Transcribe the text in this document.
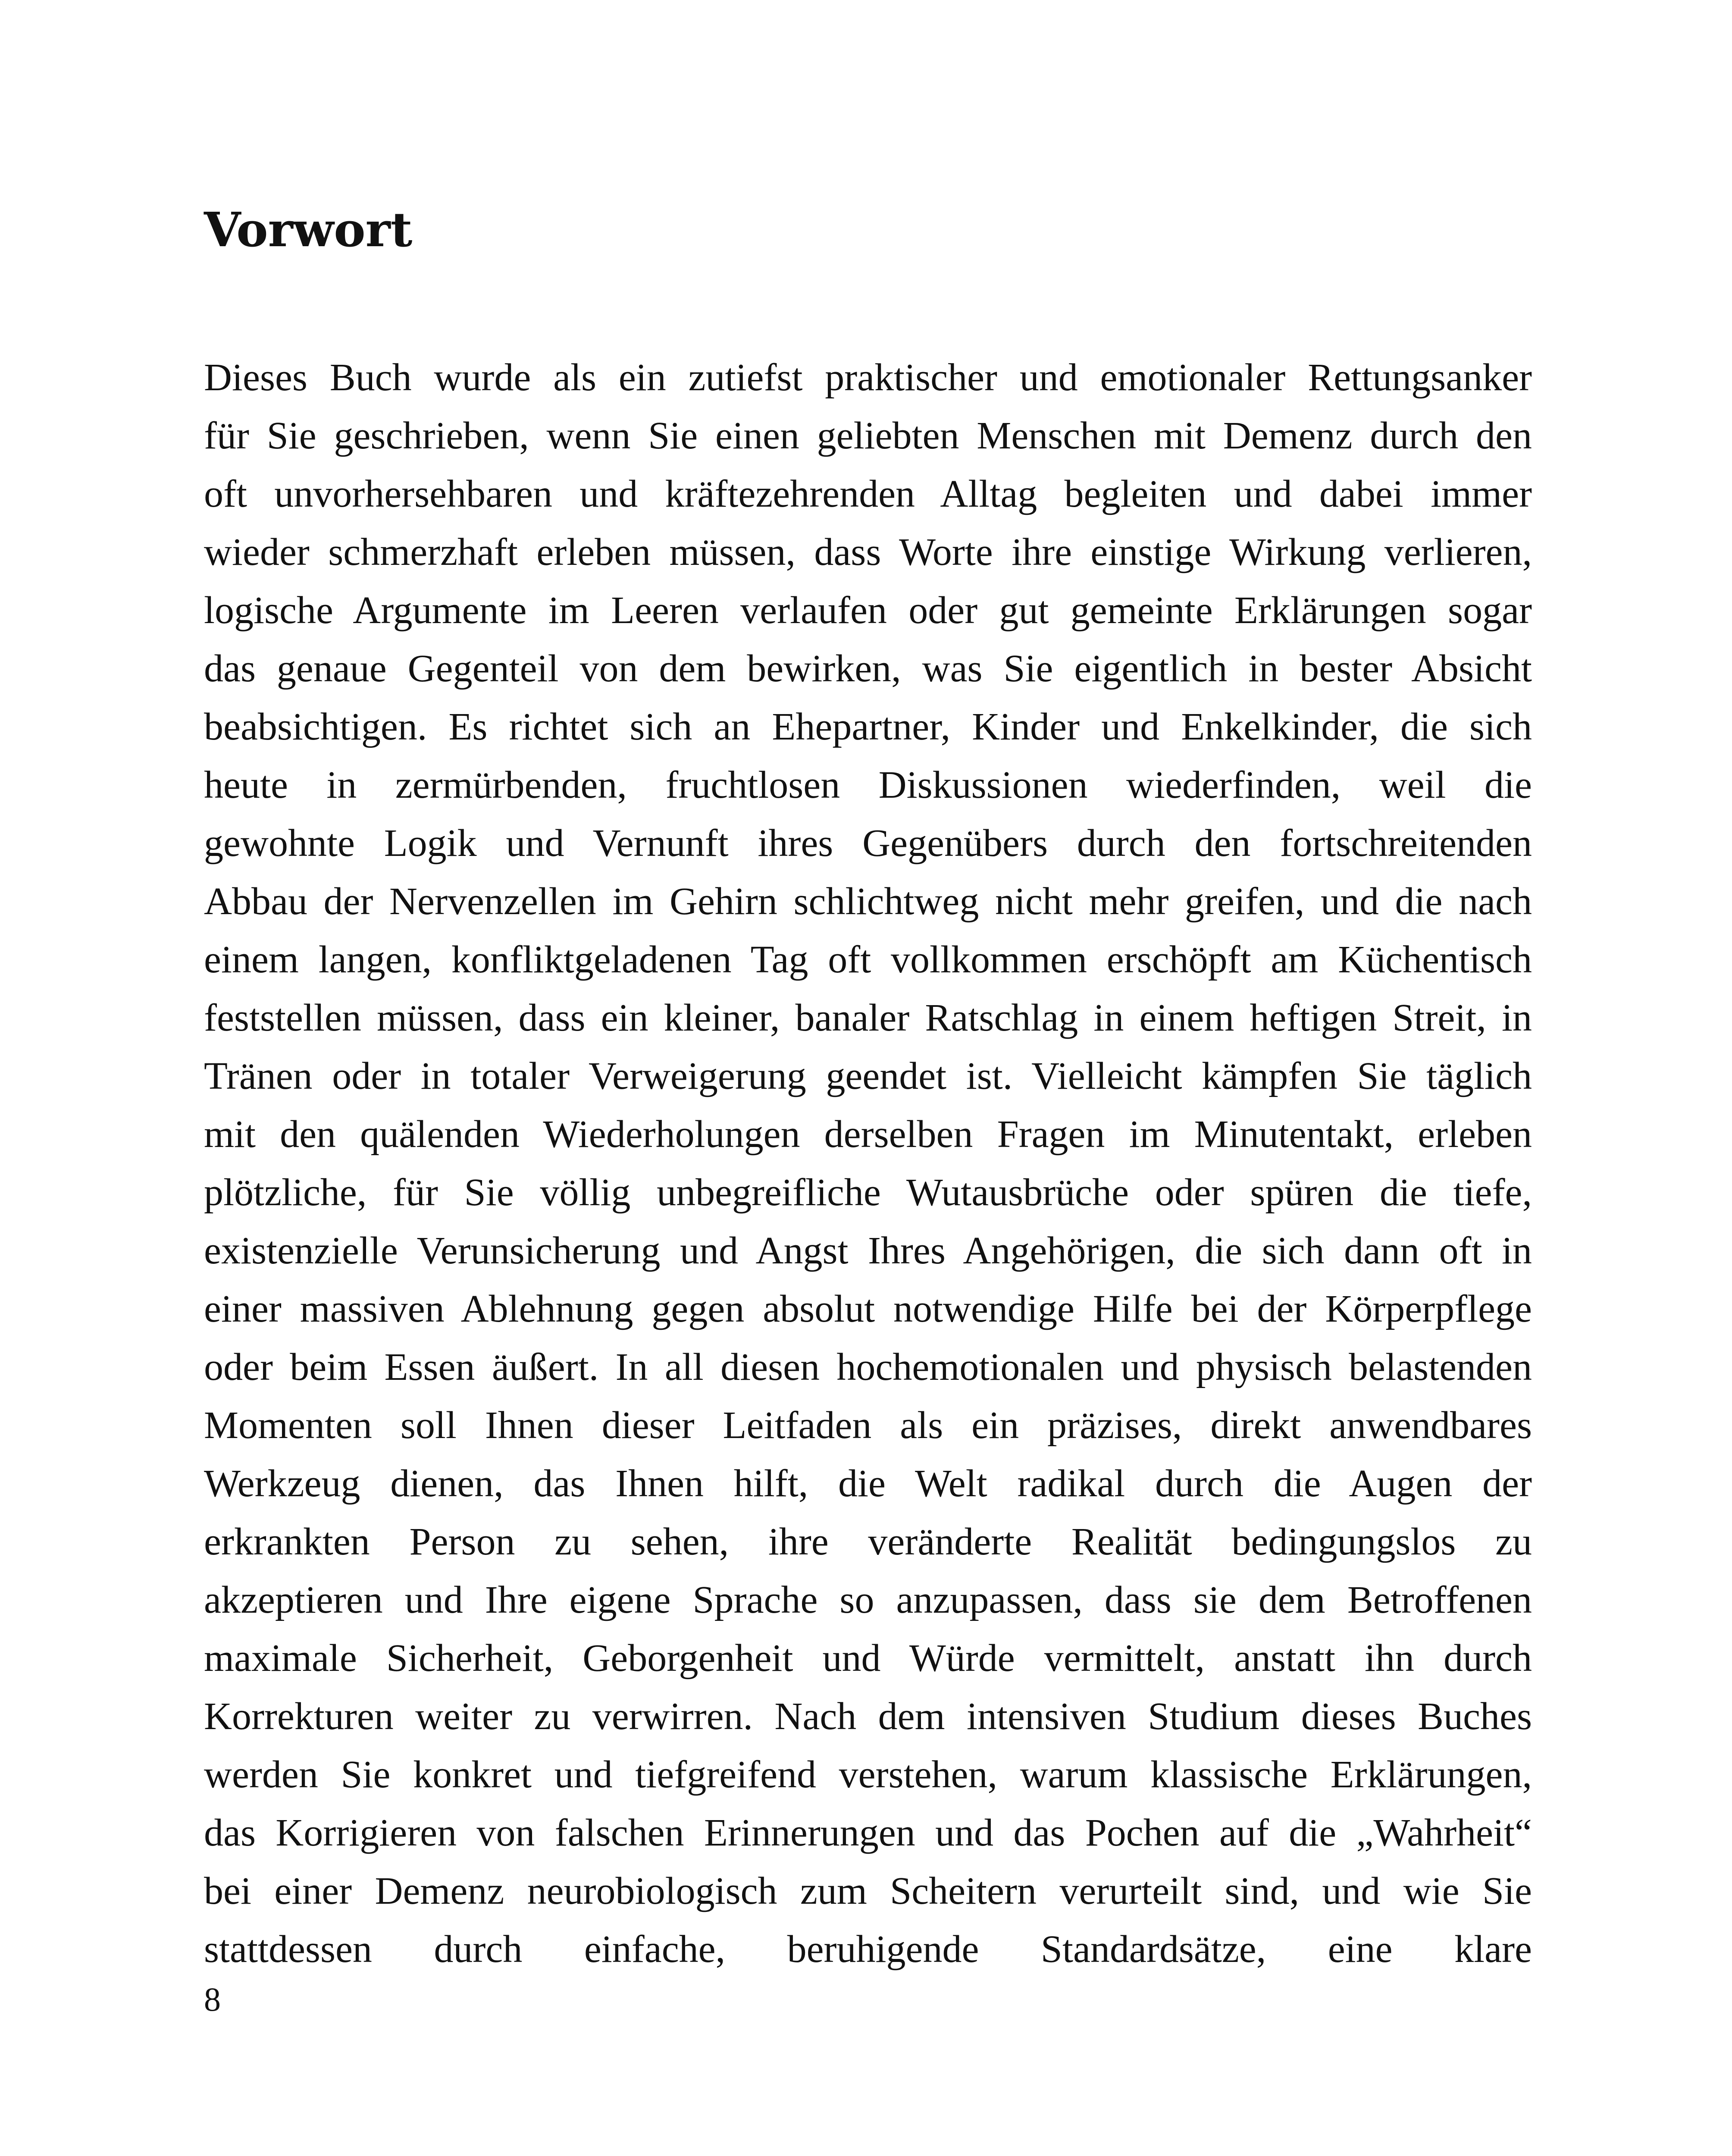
Vorwort
Dieses Buch wurde als ein zutiefst praktischer und emotionaler Rettungsanker
für Sie geschrieben, wenn Sie einen geliebten Menschen mit Demenz durch den
oft unvorhersehbaren und kräftezehrenden Alltag begleiten und dabei immer
wieder schmerzhaft erleben müssen, dass Worte ihre einstige Wirkung verlieren,
logische Argumente im Leeren verlaufen oder gut gemeinte Erklärungen sogar
das genaue Gegenteil von dem bewirken, was Sie eigentlich in bester Absicht
beabsichtigen. Es richtet sich an Ehepartner, Kinder und Enkelkinder, die sich
heute in zermürbenden, fruchtlosen Diskussionen wiederfinden, weil die
gewohnte Logik und Vernunft ihres Gegenübers durch den fortschreitenden
Abbau der Nervenzellen im Gehirn schlichtweg nicht mehr greifen, und die nach
einem langen, konfliktgeladenen Tag oft vollkommen erschöpft am Küchentisch
feststellen müssen, dass ein kleiner, banaler Ratschlag in einem heftigen Streit, in
Tränen oder in totaler Verweigerung geendet ist. Vielleicht kämpfen Sie täglich
mit den quälenden Wiederholungen derselben Fragen im Minutentakt, erleben
plötzliche, für Sie völlig unbegreifliche Wutausbrüche oder spüren die tiefe,
existenzielle Verunsicherung und Angst Ihres Angehörigen, die sich dann oft in
einer massiven Ablehnung gegen absolut notwendige Hilfe bei der Körperpflege
oder beim Essen äußert. In all diesen hochemotionalen und physisch belastenden
Momenten soll Ihnen dieser Leitfaden als ein präzises, direkt anwendbares
Werkzeug dienen, das Ihnen hilft, die Welt radikal durch die Augen der
erkrankten Person zu sehen, ihre veränderte Realität bedingungslos zu
akzeptieren und Ihre eigene Sprache so anzupassen, dass sie dem Betroffenen
maximale Sicherheit, Geborgenheit und Würde vermittelt, anstatt ihn durch
Korrekturen weiter zu verwirren. Nach dem intensiven Studium dieses Buches
werden Sie konkret und tiefgreifend verstehen, warum klassische Erklärungen,
das Korrigieren von falschen Erinnerungen und das Pochen auf die „Wahrheit“
bei einer Demenz neurobiologisch zum Scheitern verurteilt sind, und wie Sie
stattdessen durch einfache, beruhigende Standardsätze, eine klare
8
